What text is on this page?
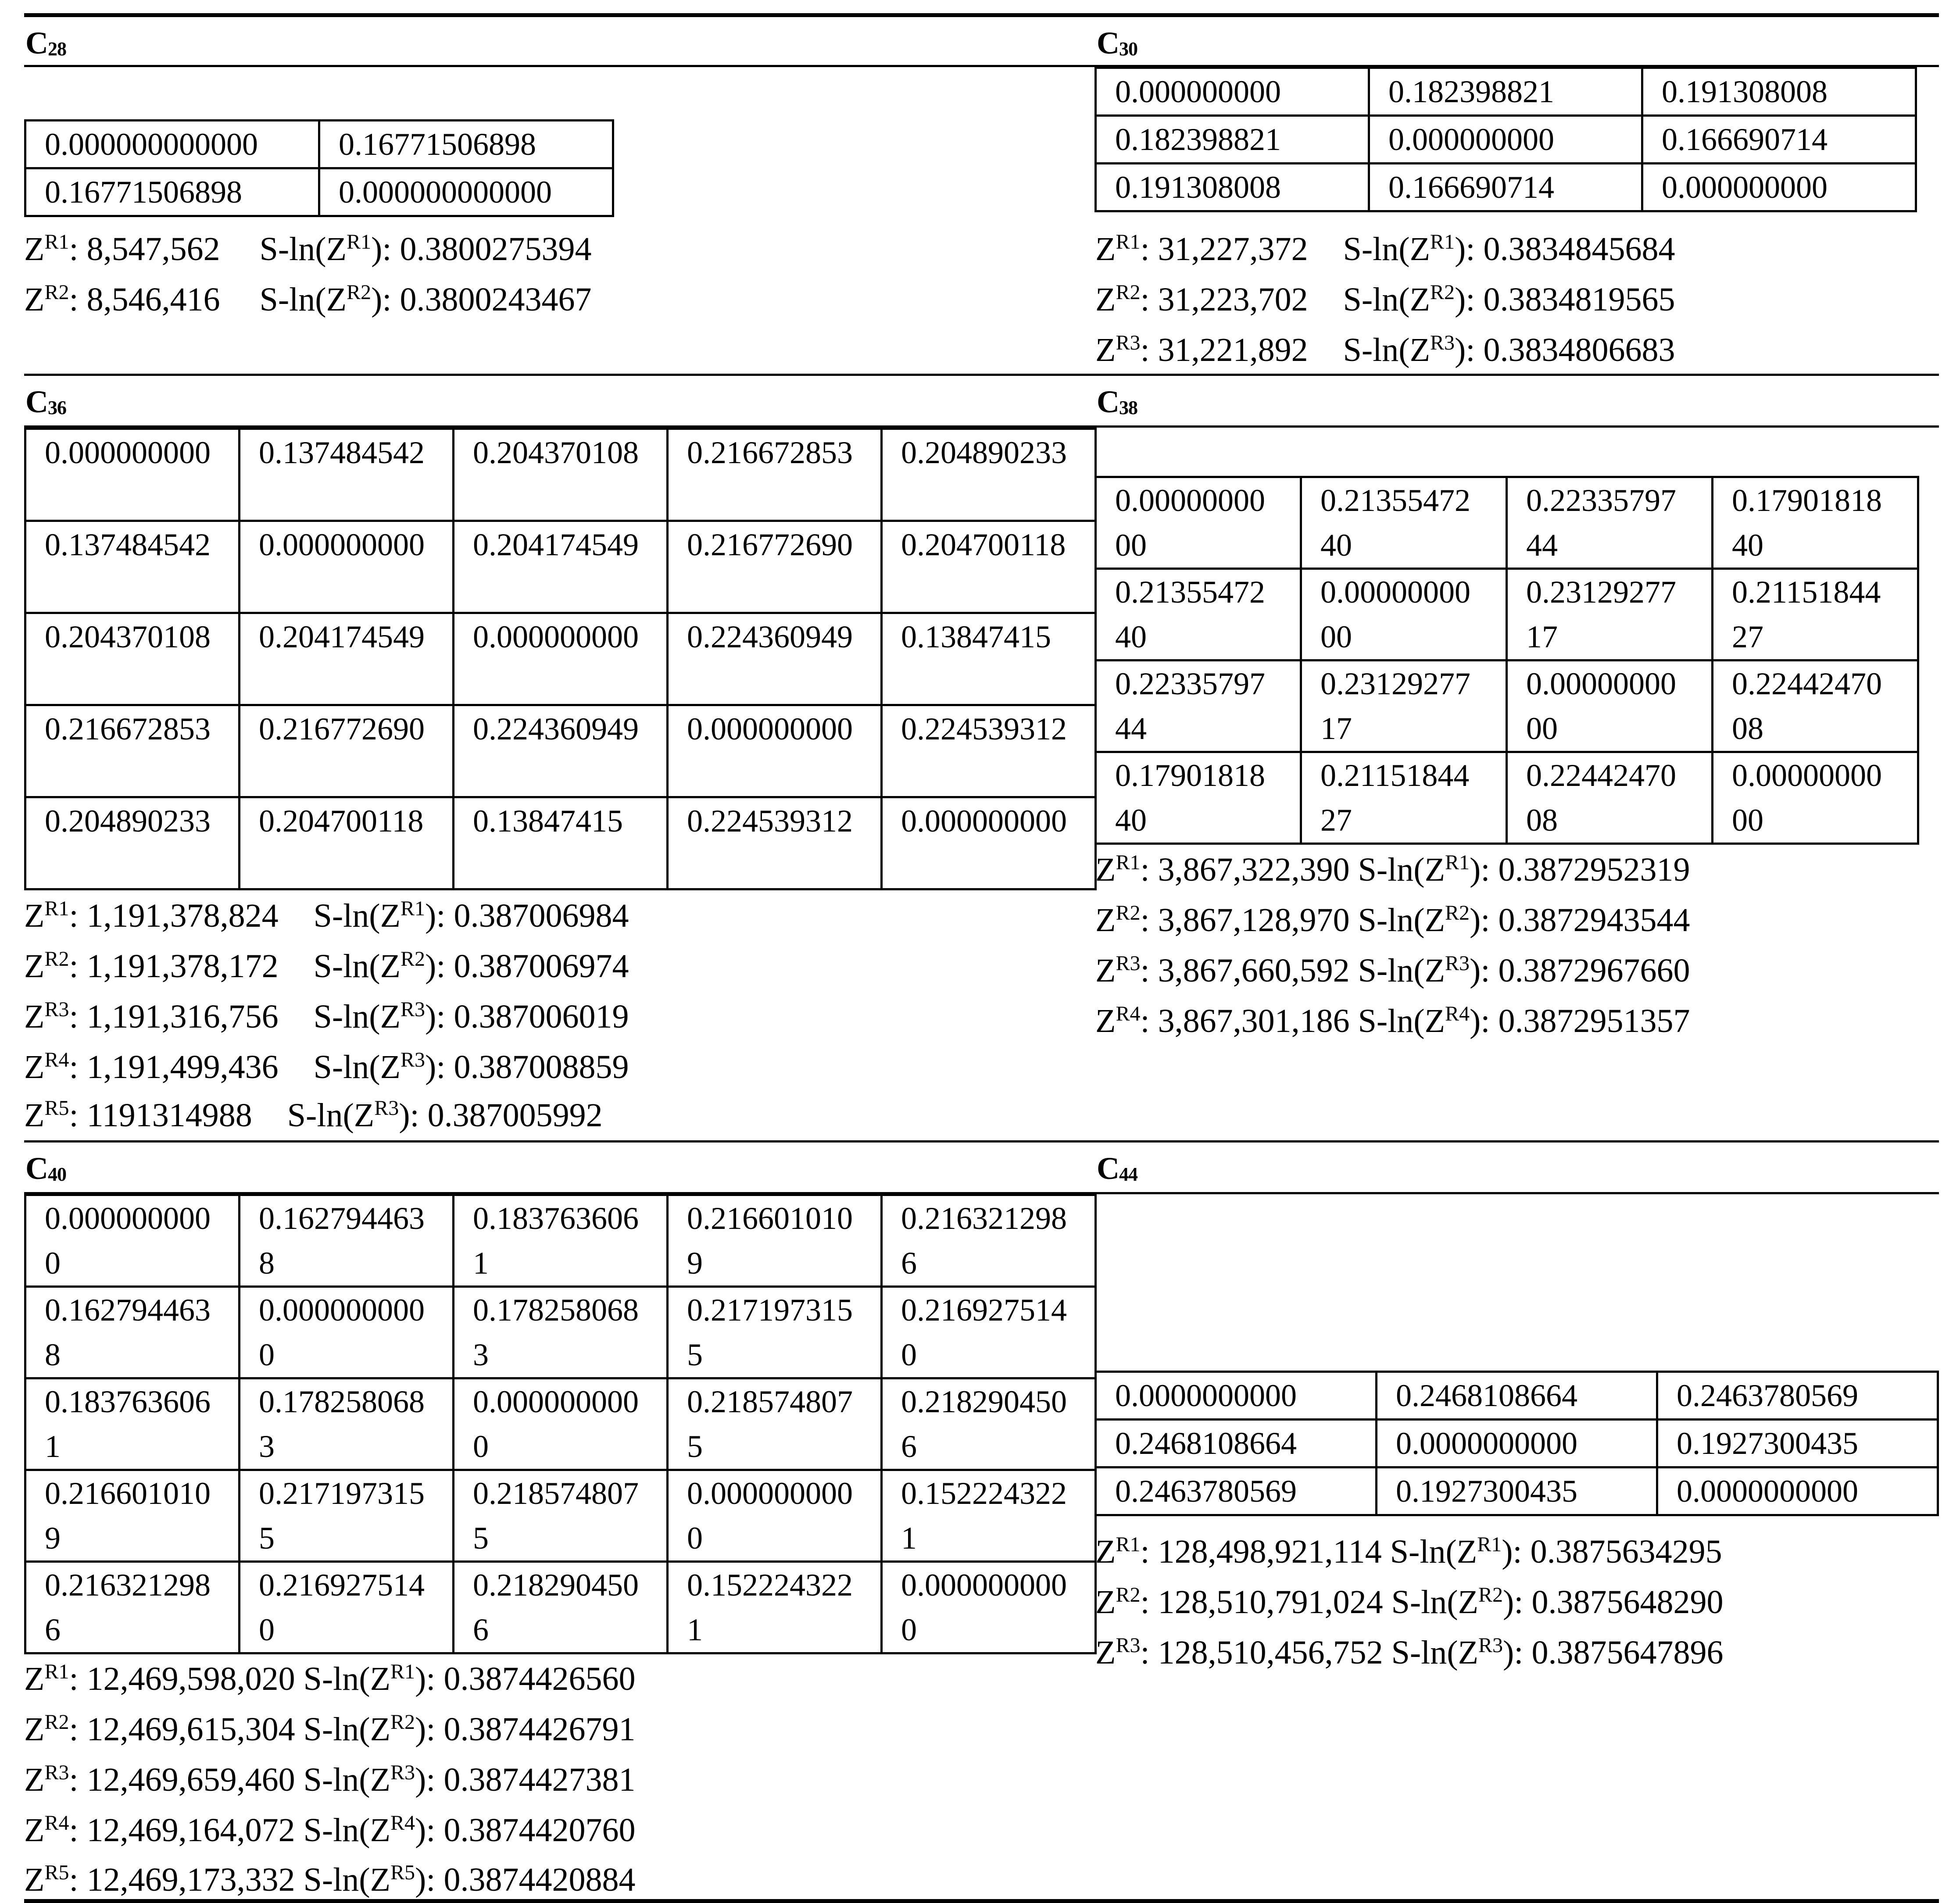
$C_{28}$
0.000000000000	0.16771506898
0.16771506898	0.000000000000
$Z^{R1}$: 8,547,562 $S-\ln(Z^{R1})$: 0.3800275394
$Z^{R2}$: 8,546,416 $S-\ln(Z^{R2})$: 0.3800243467
$C_{30}$
0.000000000	0.182398821	0.191308008
0.182398821	0.000000000	0.166690714
0.191308008	0.166690714	0.000000000
$Z^{R1}$: 31,227,372 $S-\ln(Z^{R1})$: 0.3834845684
$Z^{R2}$: 31,223,702 $S-\ln(Z^{R2})$: 0.3834819565
$Z^{R3}$: 31,221,892 $S-\ln(Z^{R3})$: 0.3834806683
$C_{36}$
0.000000000	0.137484542	0.204370108	0.216672853	0.204890233
0.137484542	0.000000000	0.204174549	0.216772690	0.204700118
0.204370108	0.204174549	0.000000000	0.224360949	0.13847415
0.216672853	0.216772690	0.224360949	0.000000000	0.224539312
0.204890233	0.204700118	0.13847415	0.224539312	0.000000000
$Z^{R1}$: 1,191,378,824 $S-\ln(Z^{R1})$: 0.387006984
$Z^{R2}$: 1,191,378,172 $S-\ln(Z^{R2})$: 0.387006974
$Z^{R3}$: 1,191,316,756 $S-\ln(Z^{R3})$: 0.387006019
$Z^{R4}$: 1,191,499,436 $S-\ln(Z^{R3})$: 0.387008859
$Z^{R5}$: 1191314988 $S-\ln(Z^{R3})$: 0.387005992
$C_{38}$
0.0000000000	0.2135547240	0.2233579744	0.1790181840
0.2135547240	0.0000000000	0.2312927717	0.2115184427
0.2233579744	0.2312927717	0.0000000000	0.2244247008
0.1790181840	0.2115184427	0.2244247008	0.0000000000
$Z^{R1}$: 3,867,322,390 $S-\ln(Z^{R1})$: 0.3872952319
$Z^{R2}$: 3,867,128,970 $S-\ln(Z^{R2})$: 0.3872943544
$Z^{R3}$: 3,867,660,592 $S-\ln(Z^{R3})$: 0.3872967660
$Z^{R4}$: 3,867,301,186 $S-\ln(Z^{R4})$: 0.3872951357
$C_{40}$
0.0000000000	0.1627944638	0.1837636061	0.2166010109	0.2163212986
0.1627944638	0.0000000000	0.1782580683	0.2171973155	0.2169275140
0.1837636061	0.1782580683	0.0000000000	0.2185748075	0.2182904506
0.2166010109	0.2171973155	0.2185748075	0.0000000000	0.1522243221
0.2163212986	0.2169275140	0.2182904506	0.1522243221	0.0000000000
$Z^{R1}$: 12,469,598,020 $S-\ln(Z^{R1})$: 0.3874426560
$Z^{R2}$: 12,469,615,304 $S-\ln(Z^{R2})$: 0.3874426791
$Z^{R3}$: 12,469,659,460 $S-\ln(Z^{R3})$: 0.3874427381
$Z^{R4}$: 12,469,164,072 $S-\ln(Z^{R4})$: 0.3874420760
$Z^{R5}$: 12,469,173,332 $S-\ln(Z^{R5})$: 0.3874420884
$C_{44}$
0.0000000000	0.2468108664	0.2463780569
0.2468108664	0.0000000000	0.1927300435
0.2463780569	0.1927300435	0.0000000000
$Z^{R1}$: 128,498,921,114 $S-\ln(Z^{R1})$: 0.3875634295
$Z^{R2}$: 128,510,791,024 $S-\ln(Z^{R2})$: 0.3875648290
$Z^{R3}$: 128,510,456,752 $S-\ln(Z^{R3})$: 0.3875647896
